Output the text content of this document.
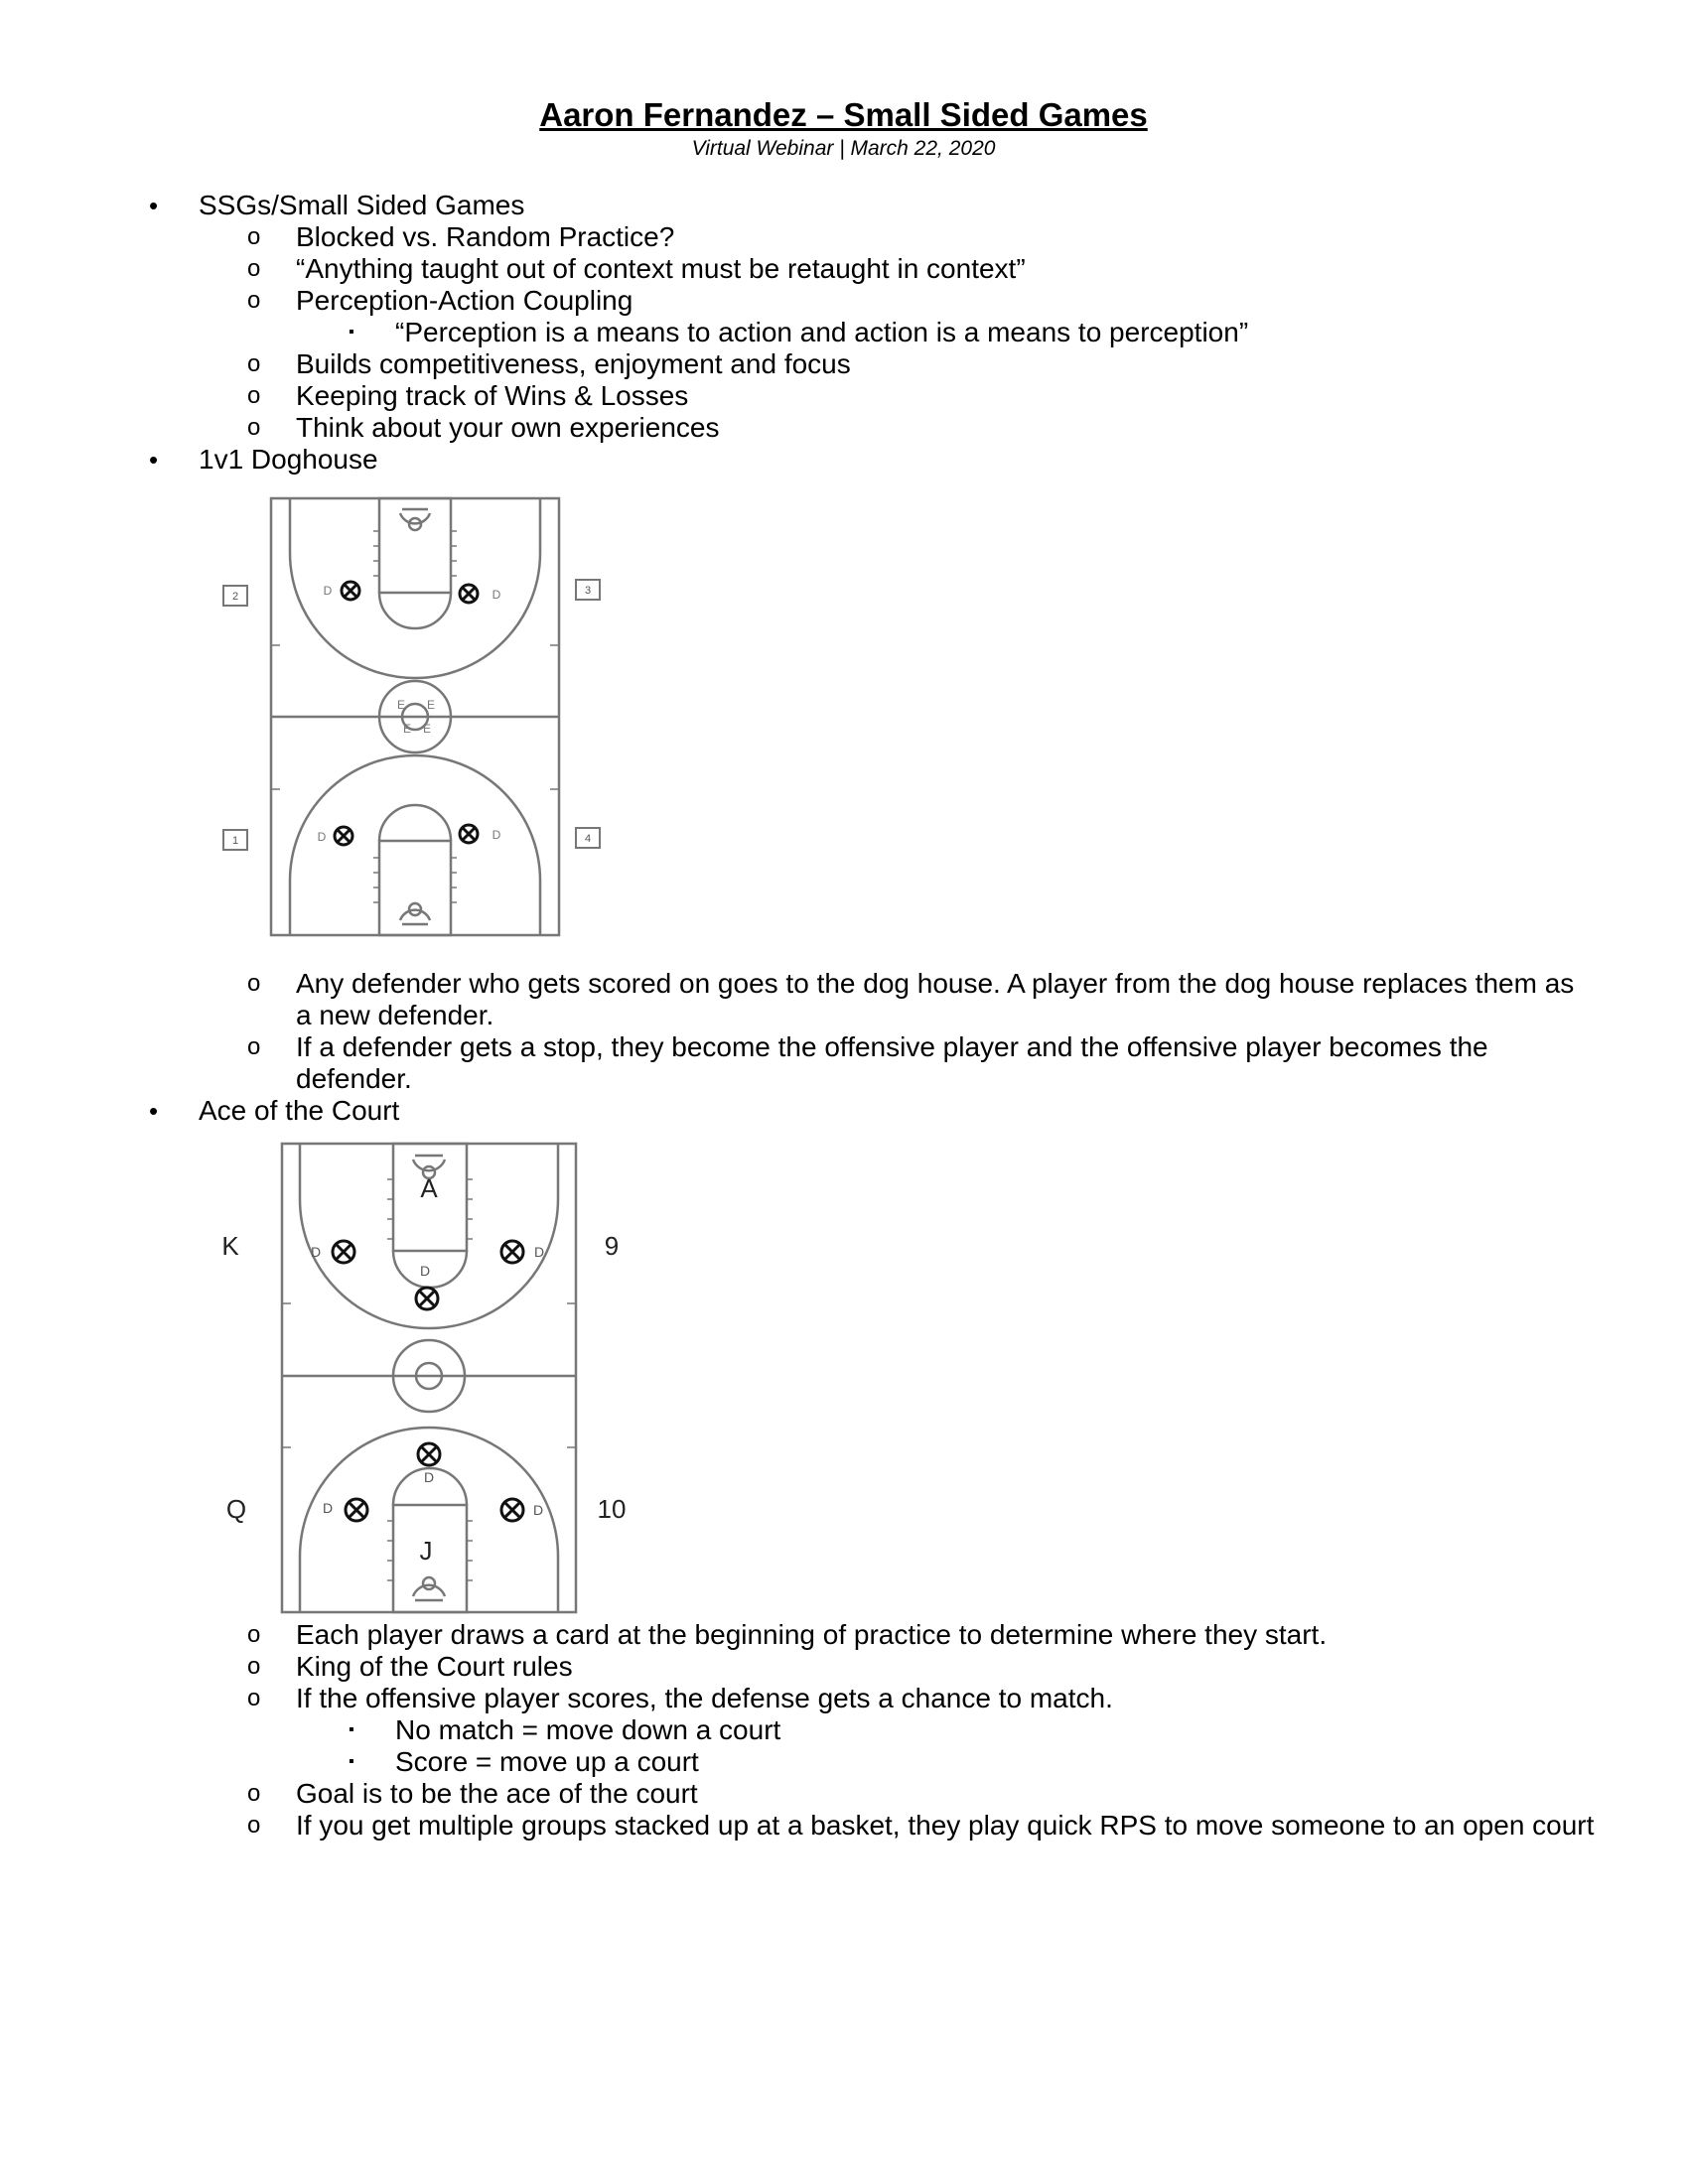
Aaron Fernandez – Small Sided Games
Virtual Webinar | March 22, 2020
• SSGs/Small Sided Games
o Blocked vs. Random Practice?
o “Anything taught out of context must be retaught in context”
o Perception-Action Coupling
▪ “Perception is a means to action and action is a means to perception”
o Builds competitiveness, enjoyment and focus
o Keeping track of Wins & Losses
o Think about your own experiences
• 1v1 Doghouse
2	3
1	4
D	D
D	D
E E
E E
o Any defender who gets scored on goes to the dog house. A player from the dog house replaces them as a new defender.
o If a defender gets a stop, they become the offensive player and the offensive player becomes the defender.
• Ace of the Court
A
J
K	9
Q	10
D	D
D
D
D	D
o Each player draws a card at the beginning of practice to determine where they start.
o King of the Court rules
o If the offensive player scores, the defense gets a chance to match.
▪ No match = move down a court
▪ Score = move up a court
o Goal is to be the ace of the court
o If you get multiple groups stacked up at a basket, they play quick RPS to move someone to an open court
